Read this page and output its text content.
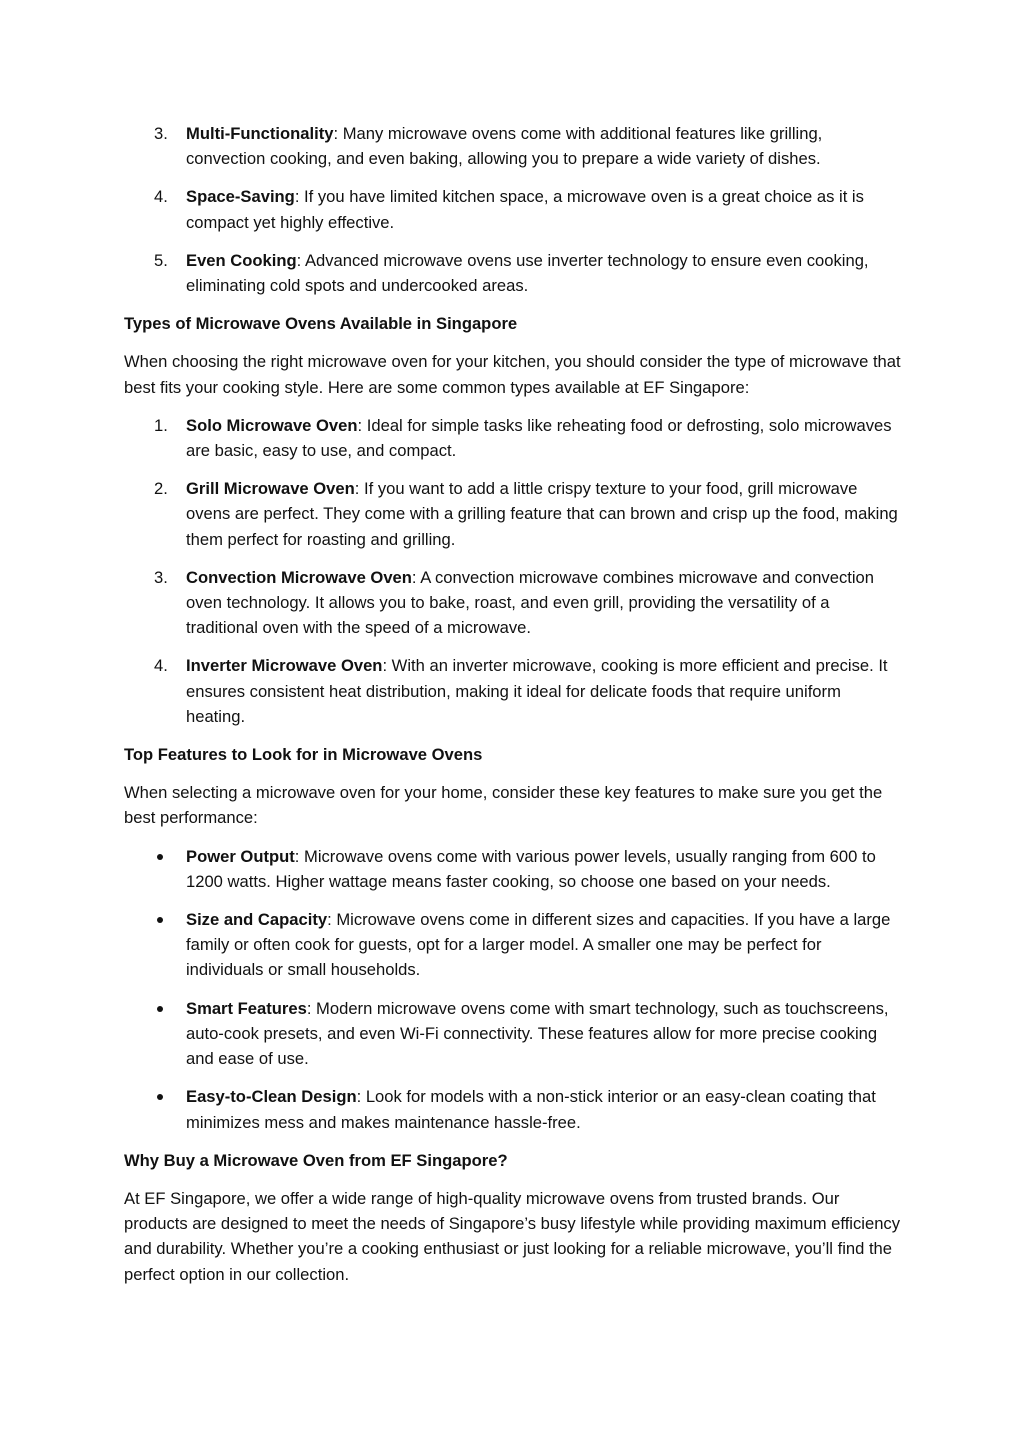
3.	Multi-Functionality: Many microwave ovens come with additional features like grilling, convection cooking, and even baking, allowing you to prepare a wide variety of dishes.
4.	Space-Saving: If you have limited kitchen space, a microwave oven is a great choice as it is compact yet highly effective.
5.	Even Cooking: Advanced microwave ovens use inverter technology to ensure even cooking, eliminating cold spots and undercooked areas.
Types of Microwave Ovens Available in Singapore

When choosing the right microwave oven for your kitchen, you should consider the type of microwave that best fits your cooking style. Here are some common types available at EF Singapore:

1.	Solo Microwave Oven: Ideal for simple tasks like reheating food or defrosting, solo microwaves are basic, easy to use, and compact.
2.	Grill Microwave Oven: If you want to add a little crispy texture to your food, grill microwave ovens are perfect. They come with a grilling feature that can brown and crisp up the food, making them perfect for roasting and grilling.
3.	Convection Microwave Oven: A convection microwave combines microwave and convection oven technology. It allows you to bake, roast, and even grill, providing the versatility of a traditional oven with the speed of a microwave.
4.	Inverter Microwave Oven: With an inverter microwave, cooking is more efficient and precise. It ensures consistent heat distribution, making it ideal for delicate foods that require uniform heating.
Top Features to Look for in Microwave Ovens

When selecting a microwave oven for your home, consider these key features to make sure you get the best performance:

Power Output: Microwave ovens come with various power levels, usually ranging from 600 to 1200 watts. Higher wattage means faster cooking, so choose one based on your needs.
Size and Capacity: Microwave ovens come in different sizes and capacities. If you have a large family or often cook for guests, opt for a larger model. A smaller one may be perfect for individuals or small households.
Smart Features: Modern microwave ovens come with smart technology, such as touchscreens, auto-cook presets, and even Wi-Fi connectivity. These features allow for more precise cooking and ease of use.
Easy-to-Clean Design: Look for models with a non-stick interior or an easy-clean coating that minimizes mess and makes maintenance hassle-free.
Why Buy a Microwave Oven from EF Singapore?

At EF Singapore, we offer a wide range of high-quality microwave ovens from trusted brands. Our products are designed to meet the needs of Singapore’s busy lifestyle while providing maximum efficiency and durability. Whether you’re a cooking enthusiast or just looking for a reliable microwave, you’ll find the perfect option in our collection.
